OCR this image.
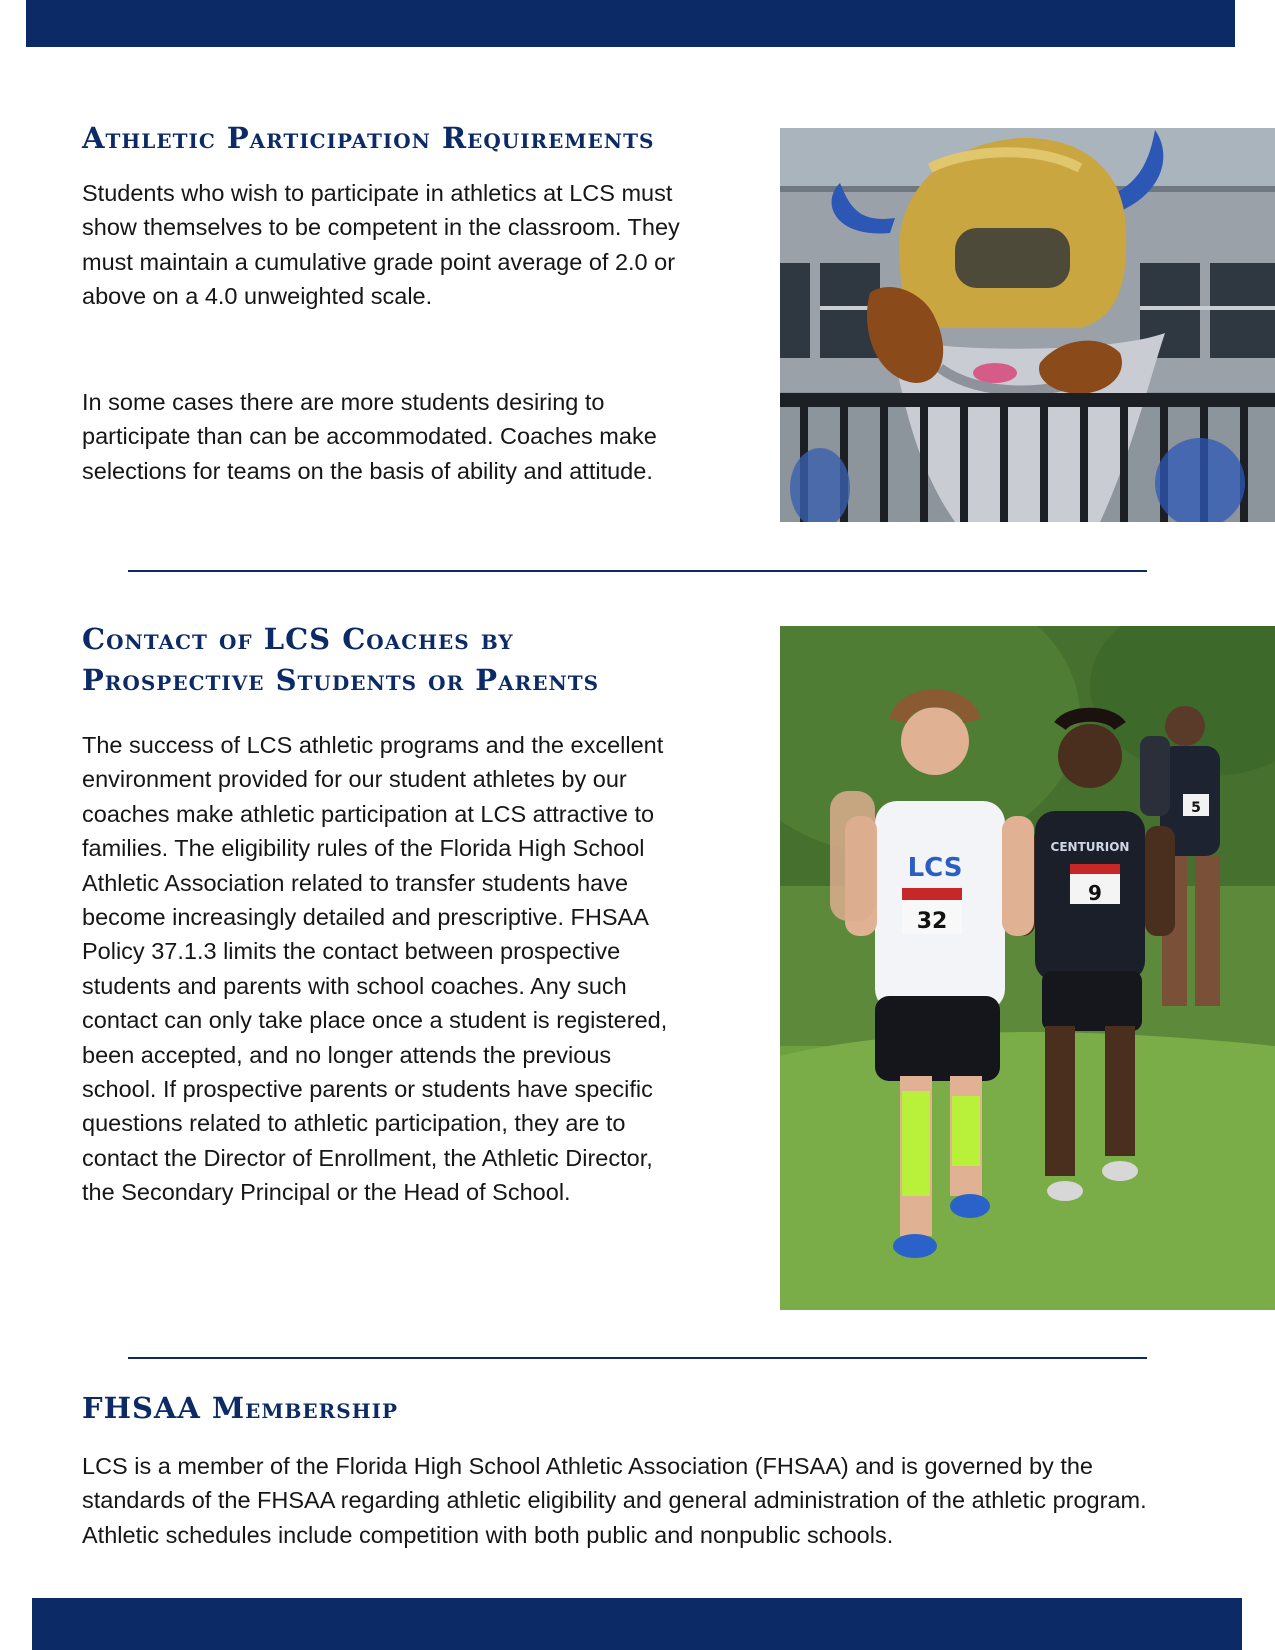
Athletic Participation Requirements

Students who wish to participate in athletics at LCS must show themselves to be competent in the classroom. They must maintain a cumulative grade point average of 2.0 or above on a 4.0 unweighted scale.

In some cases there are more students desiring to participate than can be accommodated. Coaches make selections for teams on the basis of ability and attitude.

Contact of LCS Coaches by
Prospective Students or Parents

The success of LCS athletic programs and the excellent environment provided for our student athletes by our coaches make athletic participation at LCS attractive to families. The eligibility rules of the Florida High School Athletic Association related to transfer students have become increasingly detailed and prescriptive. FHSAA Policy 37.1.3 limits the contact between prospective students and parents with school coaches. Any such contact can only take place once a student is registered, been accepted, and no longer attends the previous school. If prospective parents or students have specific questions related to athletic participation, they are to contact the Director of Enrollment, the Athletic Director, the Secondary Principal or the Head of School.

5
CENTURION
9
LCS
32
FHSAA Membership

LCS is a member of the Florida High School Athletic Association (FHSAA) and is governed by the standards of the FHSAA regarding athletic eligibility and general administration of the athletic program. Athletic schedules include competition with both public and nonpublic schools.
